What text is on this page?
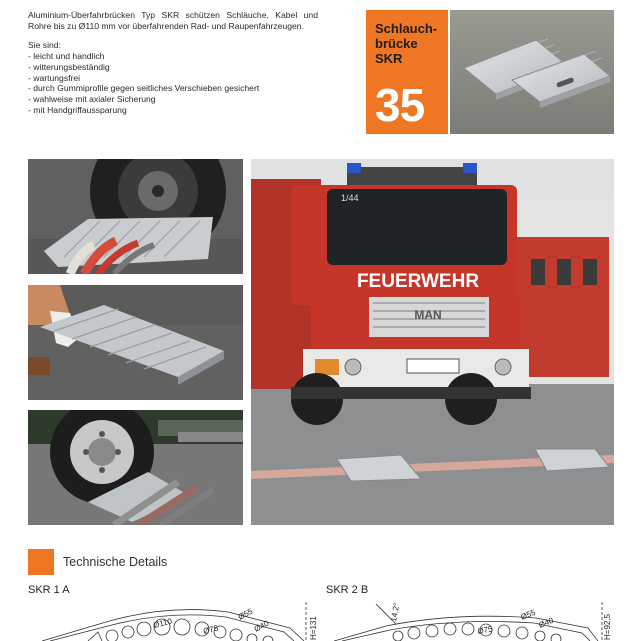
Aluminium-Überfahrbrücken Typ SKR schützen Schläuche, Kabel und Rohre bis zu Ø110 mm vor überfahrenden Rad- und Raupenfahrzeugen.

Sie sind:
- leicht und handlich
- witterungsbeständig
- wartungsfrei
- durch Gummiprofile gegen seitliches Verschieben gesichert
- wahlweise mit axialer Sicherung
- mit Handgriffaussparung
Schlauch-
brücke
SKR
35
FEUERWEHR
1/44
MAN
Technische Details
SKR 1 A	SKR 2 B
Ø110	Ø75
Ø55
Ø40	H=131
14,2°
Ø75
Ø55
Ø40	H=92,5
